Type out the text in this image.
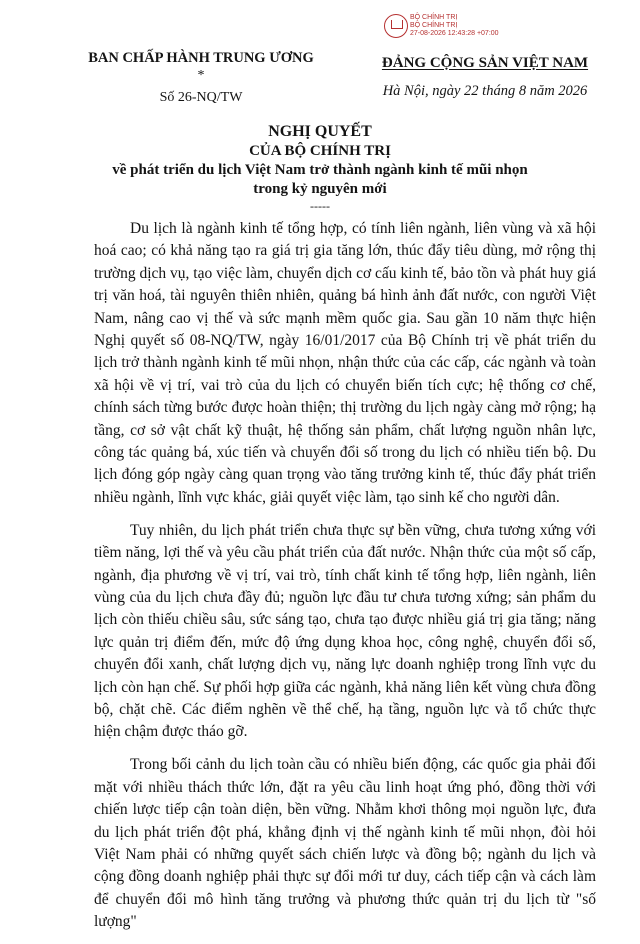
BỘ CHÍNH TRỊ
BỘ CHÍNH TRỊ
27-08-2026 12:43:28 +07:00
BAN CHẤP HÀNH TRUNG ƯƠNG
*
Số 26-NQ/TW
ĐẢNG CỘNG SẢN VIỆT NAM
Hà Nội, ngày 22 tháng 8 năm 2026
NGHỊ QUYẾT
CỦA BỘ CHÍNH TRỊ
về phát triển du lịch Việt Nam trở thành ngành kinh tế mũi nhọn
trong kỷ nguyên mới
-----

Du lịch là ngành kinh tế tổng hợp, có tính liên ngành, liên vùng và xã hội hoá cao; có khả năng tạo ra giá trị gia tăng lớn, thúc đẩy tiêu dùng, mở rộng thị trường dịch vụ, tạo việc làm, chuyển dịch cơ cấu kinh tế, bảo tồn và phát huy giá trị văn hoá, tài nguyên thiên nhiên, quảng bá hình ảnh đất nước, con người Việt Nam, nâng cao vị thế và sức mạnh mềm quốc gia. Sau gần 10 năm thực hiện Nghị quyết số 08-NQ/TW, ngày 16/01/2017 của Bộ Chính trị về phát triển du lịch trở thành ngành kinh tế mũi nhọn, nhận thức của các cấp, các ngành và toàn xã hội về vị trí, vai trò của du lịch có chuyển biến tích cực; hệ thống cơ chế, chính sách từng bước được hoàn thiện; thị trường du lịch ngày càng mở rộng; hạ tầng, cơ sở vật chất kỹ thuật, hệ thống sản phẩm, chất lượng nguồn nhân lực, công tác quảng bá, xúc tiến và chuyển đổi số trong du lịch có nhiều tiến bộ. Du lịch đóng góp ngày càng quan trọng vào tăng trưởng kinh tế, thúc đẩy phát triển nhiều ngành, lĩnh vực khác, giải quyết việc làm, tạo sinh kế cho người dân.

Tuy nhiên, du lịch phát triển chưa thực sự bền vững, chưa tương xứng với tiềm năng, lợi thế và yêu cầu phát triển của đất nước. Nhận thức của một số cấp, ngành, địa phương về vị trí, vai trò, tính chất kinh tế tổng hợp, liên ngành, liên vùng của du lịch chưa đầy đủ; nguồn lực đầu tư chưa tương xứng; sản phẩm du lịch còn thiếu chiều sâu, sức sáng tạo, chưa tạo được nhiều giá trị gia tăng; năng lực quản trị điểm đến, mức độ ứng dụng khoa học, công nghệ, chuyển đổi số, chuyển đổi xanh, chất lượng dịch vụ, năng lực doanh nghiệp trong lĩnh vực du lịch còn hạn chế. Sự phối hợp giữa các ngành, khả năng liên kết vùng chưa đồng bộ, chặt chẽ. Các điểm nghẽn về thể chế, hạ tầng, nguồn lực và tổ chức thực hiện chậm được tháo gỡ.

Trong bối cảnh du lịch toàn cầu có nhiều biến động, các quốc gia phải đối mặt với nhiều thách thức lớn, đặt ra yêu cầu linh hoạt ứng phó, đồng thời với chiến lược tiếp cận toàn diện, bền vững. Nhằm khơi thông mọi nguồn lực, đưa du lịch phát triển đột phá, khẳng định vị thế ngành kinh tế mũi nhọn, đòi hỏi Việt Nam phải có những quyết sách chiến lược và đồng bộ; ngành du lịch và cộng đồng doanh nghiệp phải thực sự đổi mới tư duy, cách tiếp cận và cách làm để chuyển đổi mô hình tăng trưởng và phương thức quản trị du lịch từ "số lượng"
